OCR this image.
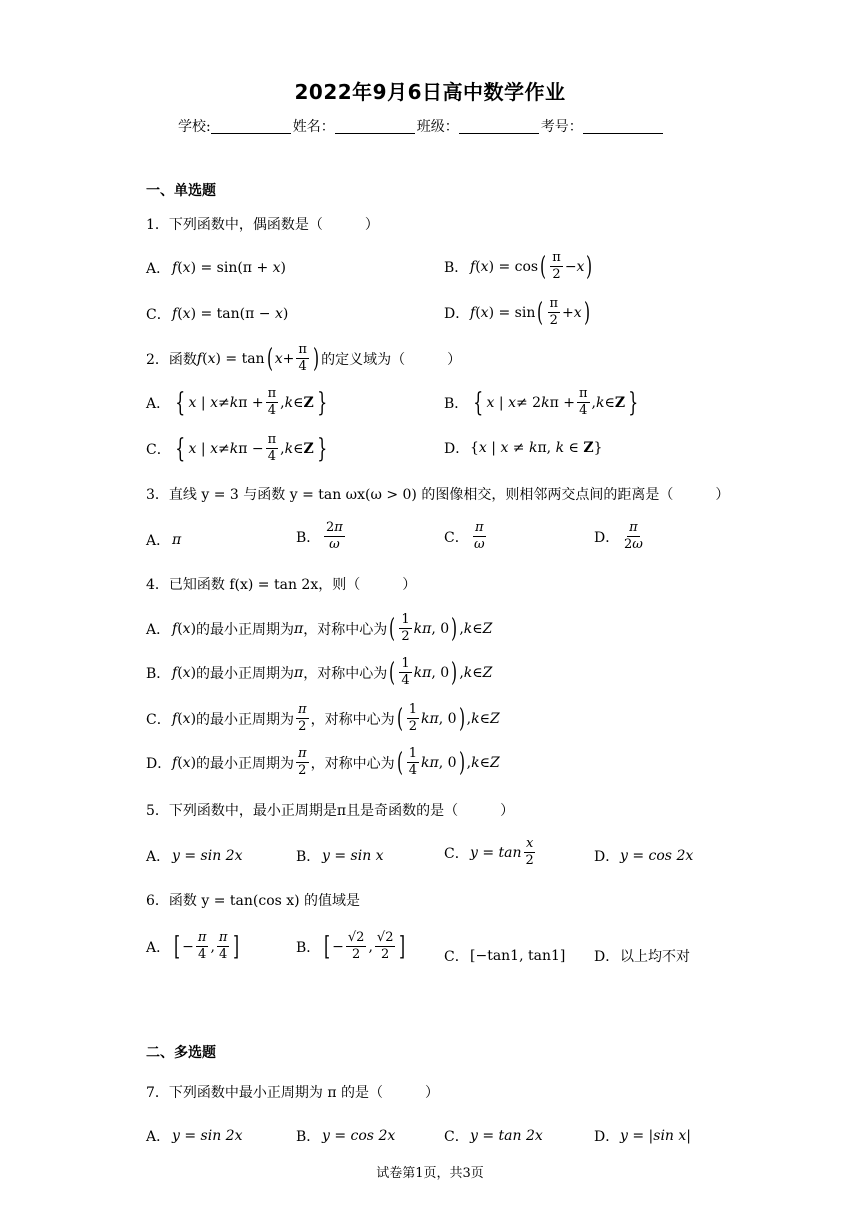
2022年9月6日高中数学作业
学校:	姓名：	班级：	考号：
一、单选题
1．下列函数中，偶函数是（　　　）
A． f(x) = sin(π + x)	B． f ( x ) = cos ( $\frac{\pi}{2} - x$ )
C． f(x) = tan(π − x)	D． f ( x ) = sin ( $\frac{\pi}{2} + x$ )
2．函数 f ( x ) = tan ( $x + \frac{\pi}{4}$ ) 的定义域为（　　　）
A． { x | x ≠ k $\pi + \frac{\pi}{4}$ , k ∈ Z }	B． { x | x ≠ 2 k $\pi + \frac{\pi}{4}$ , k ∈ Z }
C． { x | x ≠ k $\pi - \frac{\pi}{4}$ , k ∈ Z }	D． {x | x ≠ kπ, k ∈ Z}
3．直线 y = 3 与函数 y = tan ωx(ω > 0) 的图像相交，则相邻两交点间的距离是（　　　）
A． π	B． $\frac{2\pi}{\omega}$	C． $\frac{\pi}{\omega}$	D． $\frac{\pi}{2\omega}$
4．已知函数 f(x) = tan 2x，则（　　　）
A． f(x) 的最小正周期为 π ，对称中心为 ( $\frac{1}{2}$ kπ , 0 ) , k ∈ Z
B． f(x) 的最小正周期为 π ，对称中心为 ( $\frac{1}{4}$ kπ , 0 ) , k ∈ Z
C． f(x) 的最小正周期为 $\frac{\pi}{2}$ ，对称中心为 ( $\frac{1}{2}$ kπ , 0 ) , k ∈ Z
D． f(x) 的最小正周期为 $\frac{\pi}{2}$ ，对称中心为 ( $\frac{1}{4}$ kπ , 0 ) , k ∈ Z
5．下列函数中，最小正周期是π且是奇函数的是（　　　）
A． y = sin 2x	B． y = sin x	C． $y = \tan \frac{x}{2}$	D． y = cos 2x
6．函数 y = tan(cos x) 的值域是
A． [ − $\frac{\pi}{4}$ , $\frac{\pi}{4}$ ]	B． [ − $\frac{√2}{2}$ , $\frac{√2}{2}$ ]	C． [−tan1, tan1] D． 以上均不对
二、多选题
7．下列函数中最小正周期为 π 的是（　　　）
A． y = sin 2x	B． y = cos 2x	C． y = tan 2x	D． y = |sin x|
试卷第1页，共3页
